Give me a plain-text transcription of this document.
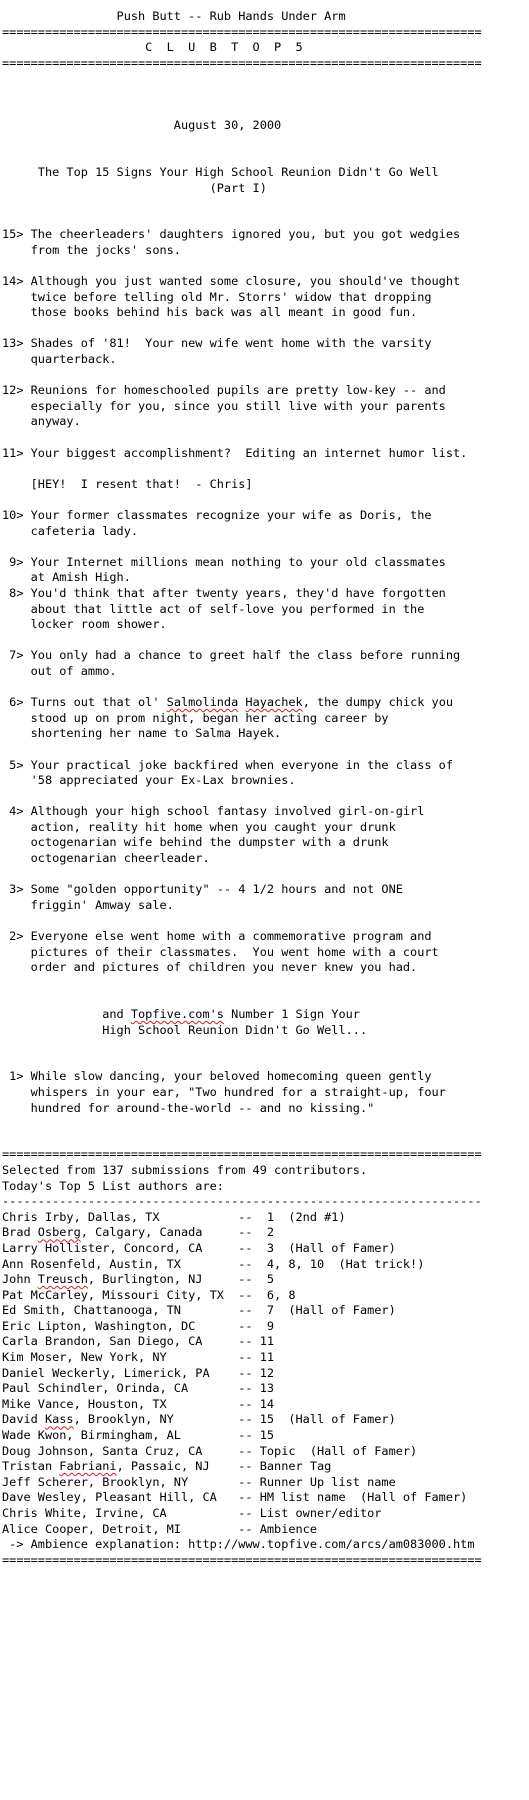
Push Butt -- Rub Hands Under Arm
===================================================================
C  L  U  B  T  O  P  5
===================================================================
August 30, 2000
The Top 15 Signs Your High School Reunion Didn't Go Well
(Part I)
15> The cheerleaders' daughters ignored you, but you got wedgies
from the jocks' sons.
14> Although you just wanted some closure, you should've thought
twice before telling old Mr. Storrs' widow that dropping
those books behind his back was all meant in good fun.
13> Shades of '81!  Your new wife went home with the varsity
quarterback.
12> Reunions for homeschooled pupils are pretty low-key -- and
especially for you, since you still live with your parents
anyway.
11> Your biggest accomplishment?  Editing an internet humor list.
[HEY!  I resent that!  - Chris]
10> Your former classmates recognize your wife as Doris, the
cafeteria lady.
9> Your Internet millions mean nothing to your old classmates
at Amish High.
8> You'd think that after twenty years, they'd have forgotten
about that little act of self-love you performed in the
locker room shower.
7> You only had a chance to greet half the class before running
out of ammo.
6> Turns out that ol' Salmolinda Hayachek, the dumpy chick you
stood up on prom night, began her acting career by
shortening her name to Salma Hayek.
5> Your practical joke backfired when everyone in the class of
'58 appreciated your Ex-Lax brownies.
4> Although your high school fantasy involved girl-on-girl
action, reality hit home when you caught your drunk
octogenarian wife behind the dumpster with a drunk
octogenarian cheerleader.
3> Some "golden opportunity" -- 4 1/2 hours and not ONE
friggin' Amway sale.
2> Everyone else went home with a commemorative program and
pictures of their classmates.  You went home with a court
order and pictures of children you never knew you had.
and Topfive.com's Number 1 Sign Your
High School Reunion Didn't Go Well...
1> While slow dancing, your beloved homecoming queen gently
whispers in your ear, "Two hundred for a straight-up, four
hundred for around-the-world -- and no kissing."
===================================================================
Selected from 137 submissions from 49 contributors.
Today's Top 5 List authors are:
-------------------------------------------------------------------
Chris Irby, Dallas, TX           --  1  (2nd #1)
Brad Osberg, Calgary, Canada     --  2
Larry Hollister, Concord, CA     --  3  (Hall of Famer)
Ann Rosenfeld, Austin, TX        --  4, 8, 10  (Hat trick!)
John Treusch, Burlington, NJ     --  5
Pat McCarley, Missouri City, TX  --  6, 8
Ed Smith, Chattanooga, TN        --  7  (Hall of Famer)
Eric Lipton, Washington, DC      --  9
Carla Brandon, San Diego, CA     -- 11
Kim Moser, New York, NY          -- 11
Daniel Weckerly, Limerick, PA    -- 12
Paul Schindler, Orinda, CA       -- 13
Mike Vance, Houston, TX          -- 14
David Kass, Brooklyn, NY         -- 15  (Hall of Famer)
Wade Kwon, Birmingham, AL        -- 15
Doug Johnson, Santa Cruz, CA     -- Topic  (Hall of Famer)
Tristan Fabriani, Passaic, NJ    -- Banner Tag
Jeff Scherer, Brooklyn, NY       -- Runner Up list name
Dave Wesley, Pleasant Hill, CA   -- HM list name  (Hall of Famer)
Chris White, Irvine, CA          -- List owner/editor
Alice Cooper, Detroit, MI        -- Ambience
-> Ambience explanation: http://www.topfive.com/arcs/am083000.htm
===================================================================
